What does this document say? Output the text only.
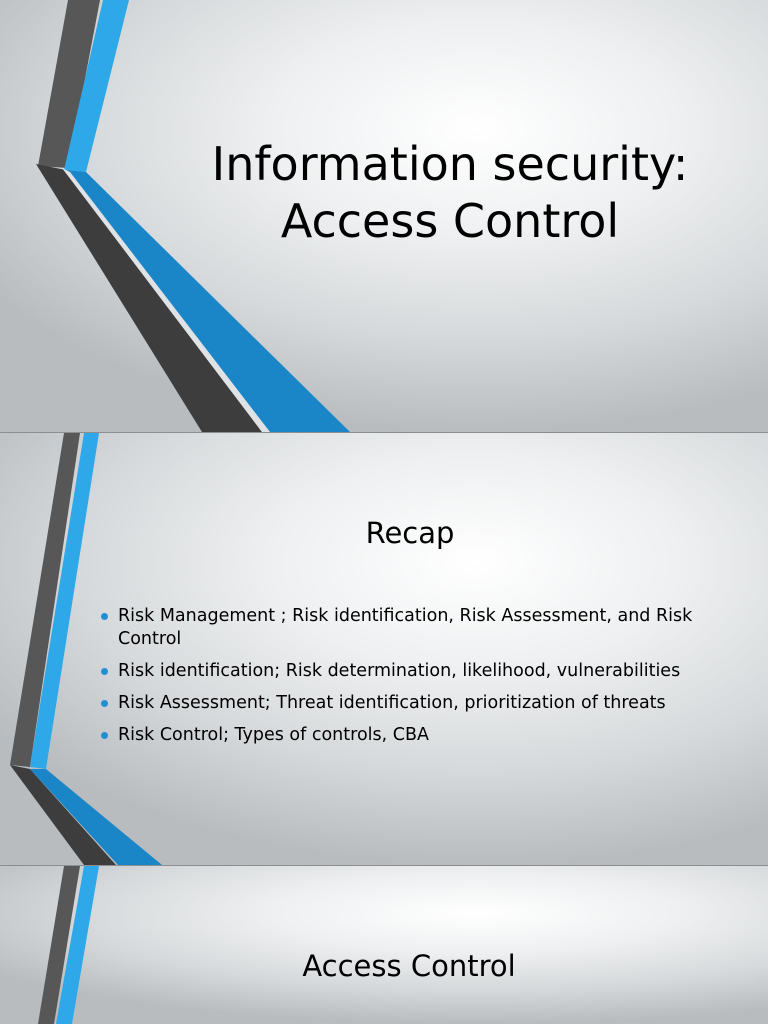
Information security:
Access Control
Recap
Risk Management ; Risk identification, Risk Assessment, and Risk Control
Risk identification; Risk determination, likelihood, vulnerabilities
Risk Assessment; Threat identification, prioritization of threats
Risk Control; Types of controls, CBA
Access Control
